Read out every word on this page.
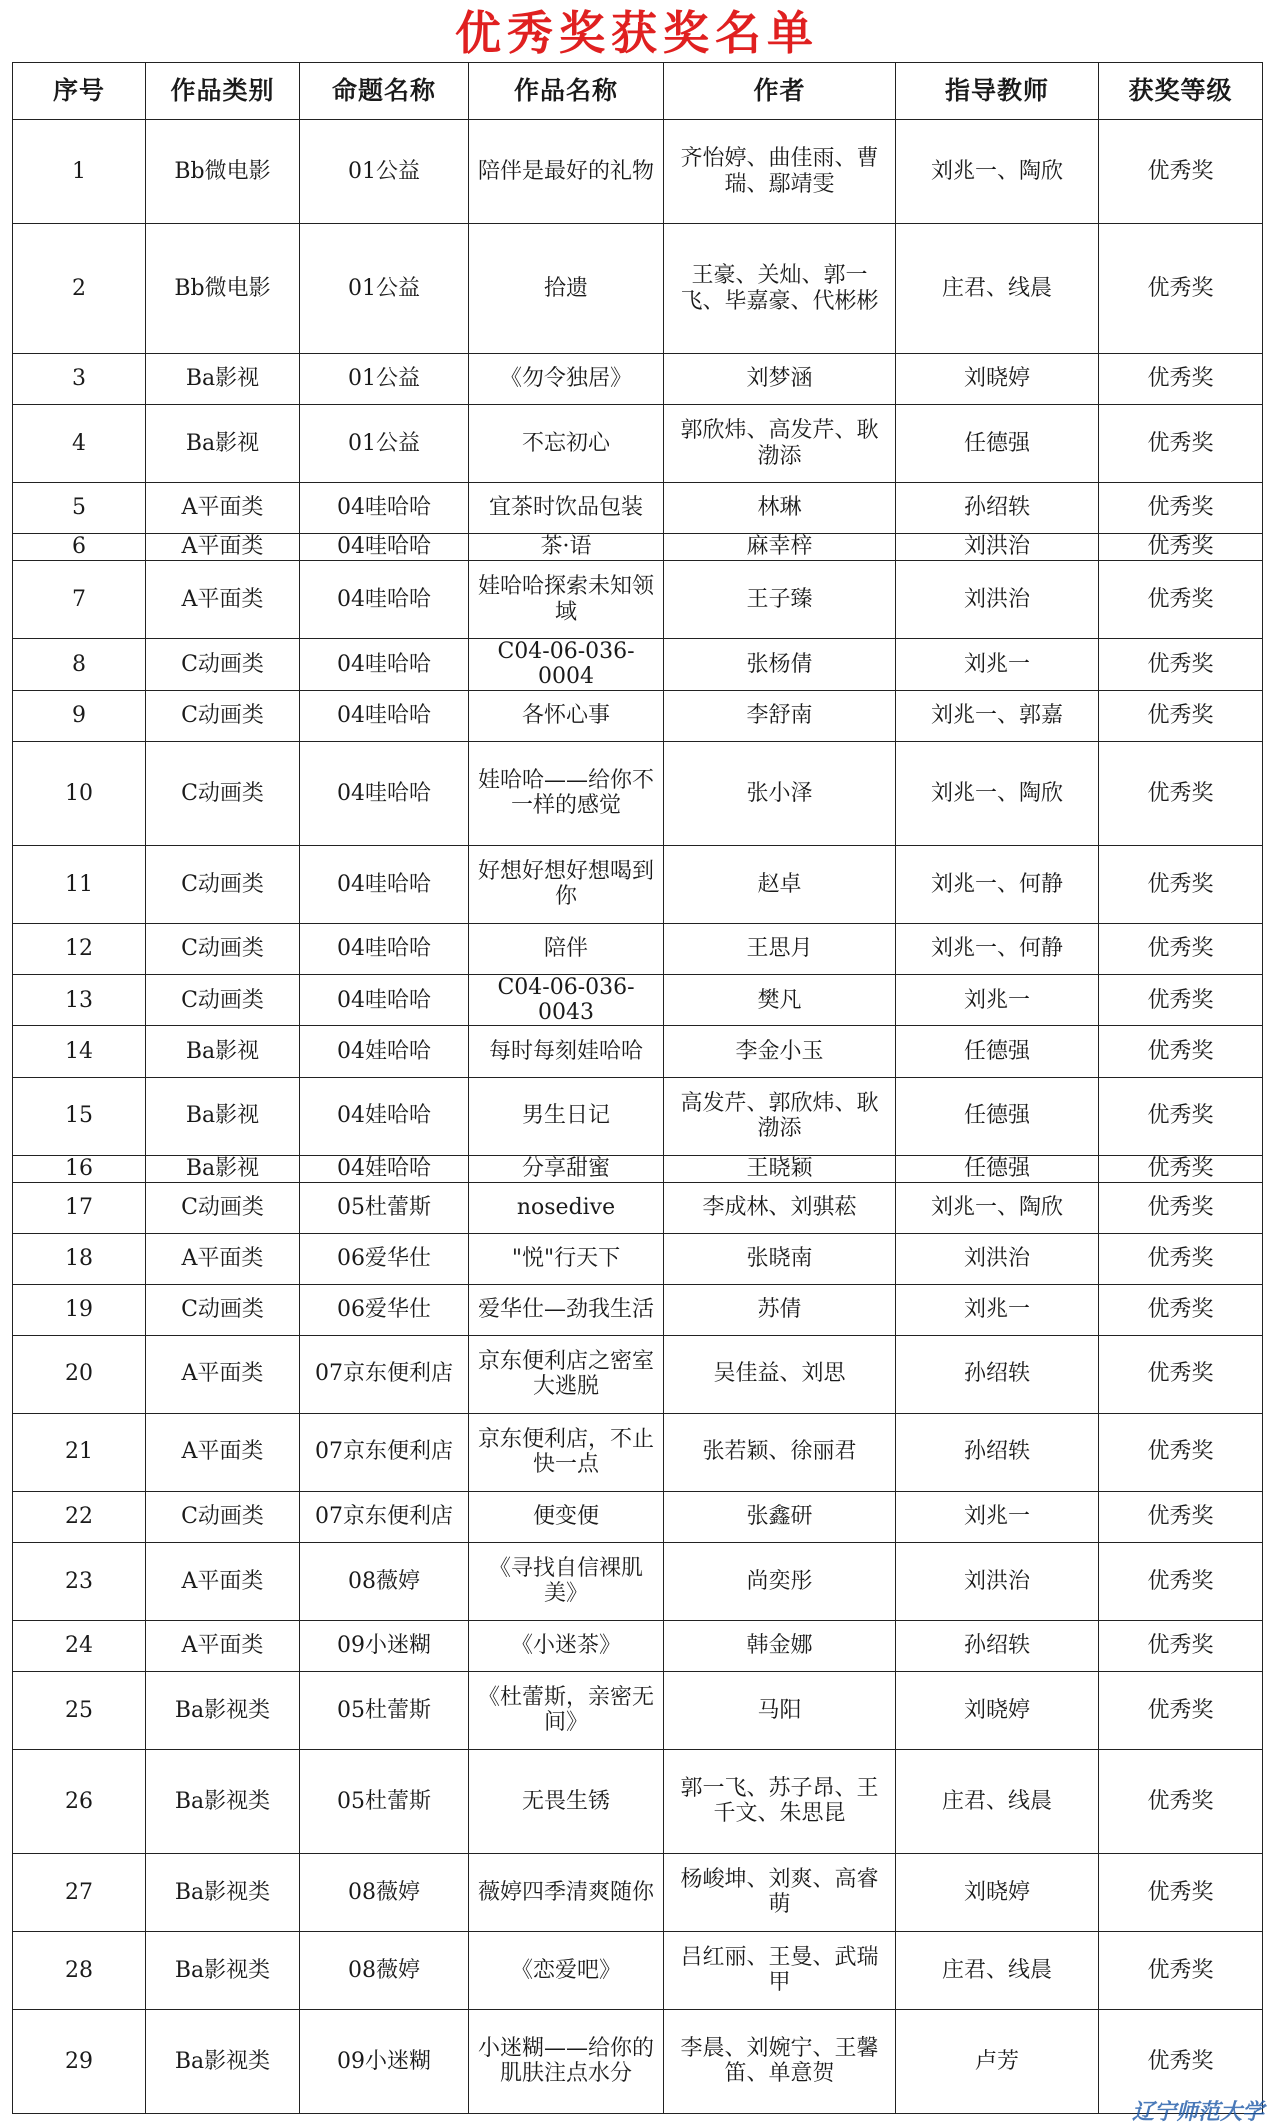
优秀奖获奖名单
序号	作品类别	命题名称	作品名称	作者	指导教师	获奖等级
1	Bb微电影	01公益	陪伴是最好的礼物	齐怡婷、曲佳雨、曹瑞、鄢靖雯	刘兆一、陶欣	优秀奖
2	Bb微电影	01公益	拾遗	王豪、关灿、郭一飞、毕嘉豪、代彬彬	庄君、线晨	优秀奖
3	Ba影视	01公益	《勿令独居》	刘梦涵	刘晓婷	优秀奖
4	Ba影视	01公益	不忘初心	郭欣炜、高发芹、耿渤添	任德强	优秀奖
5	A平面类	04哇哈哈	宜茶时饮品包装	林琳	孙绍轶	优秀奖
6	A平面类	04哇哈哈	茶·语	麻幸梓	刘洪治	优秀奖
7	A平面类	04哇哈哈	娃哈哈探索未知领域	王子臻	刘洪治	优秀奖
8	C动画类	04哇哈哈	C04-06-036-0004	张杨倩	刘兆一	优秀奖
9	C动画类	04哇哈哈	各怀心事	李舒南	刘兆一、郭嘉	优秀奖
10	C动画类	04哇哈哈	娃哈哈——给你不一样的感觉	张小泽	刘兆一、陶欣	优秀奖
11	C动画类	04哇哈哈	好想好想好想喝到你	赵卓	刘兆一、何静	优秀奖
12	C动画类	04哇哈哈	陪伴	王思月	刘兆一、何静	优秀奖
13	C动画类	04哇哈哈	C04-06-036-0043	樊凡	刘兆一	优秀奖
14	Ba影视	04娃哈哈	每时每刻娃哈哈	李金小玉	任德强	优秀奖
15	Ba影视	04娃哈哈	男生日记	高发芹、郭欣炜、耿渤添	任德强	优秀奖
16	Ba影视	04娃哈哈	分享甜蜜	王晓颖	任德强	优秀奖
17	C动画类	05杜蕾斯	nosedive	李成林、刘骐菘	刘兆一、陶欣	优秀奖
18	A平面类	06爱华仕	"悦"行天下	张晓南	刘洪治	优秀奖
19	C动画类	06爱华仕	爱华仕—劲我生活	苏倩	刘兆一	优秀奖
20	A平面类	07京东便利店	京东便利店之密室大逃脱	吴佳益、刘思	孙绍轶	优秀奖
21	A平面类	07京东便利店	京东便利店，不止快一点	张若颖、徐丽君	孙绍轶	优秀奖
22	C动画类	07京东便利店	便变便	张鑫研	刘兆一	优秀奖
23	A平面类	08薇婷	《寻找自信裸肌美》	尚奕彤	刘洪治	优秀奖
24	A平面类	09小迷糊	《小迷茶》	韩金娜	孙绍轶	优秀奖
25	Ba影视类	05杜蕾斯	《杜蕾斯，亲密无间》	马阳	刘晓婷	优秀奖
26	Ba影视类	05杜蕾斯	无畏生锈	郭一飞、苏子昂、王千文、朱思昆	庄君、线晨	优秀奖
27	Ba影视类	08薇婷	薇婷四季清爽随你	杨峻坤、刘爽、高睿萌	刘晓婷	优秀奖
28	Ba影视类	08薇婷	《恋爱吧》	吕红丽、王曼、武瑞甲	庄君、线晨	优秀奖
29	Ba影视类	09小迷糊	小迷糊——给你的肌肤注点水分	李晨、刘婉宁、王馨笛、单意贺	卢芳	优秀奖
辽宁师范大学
